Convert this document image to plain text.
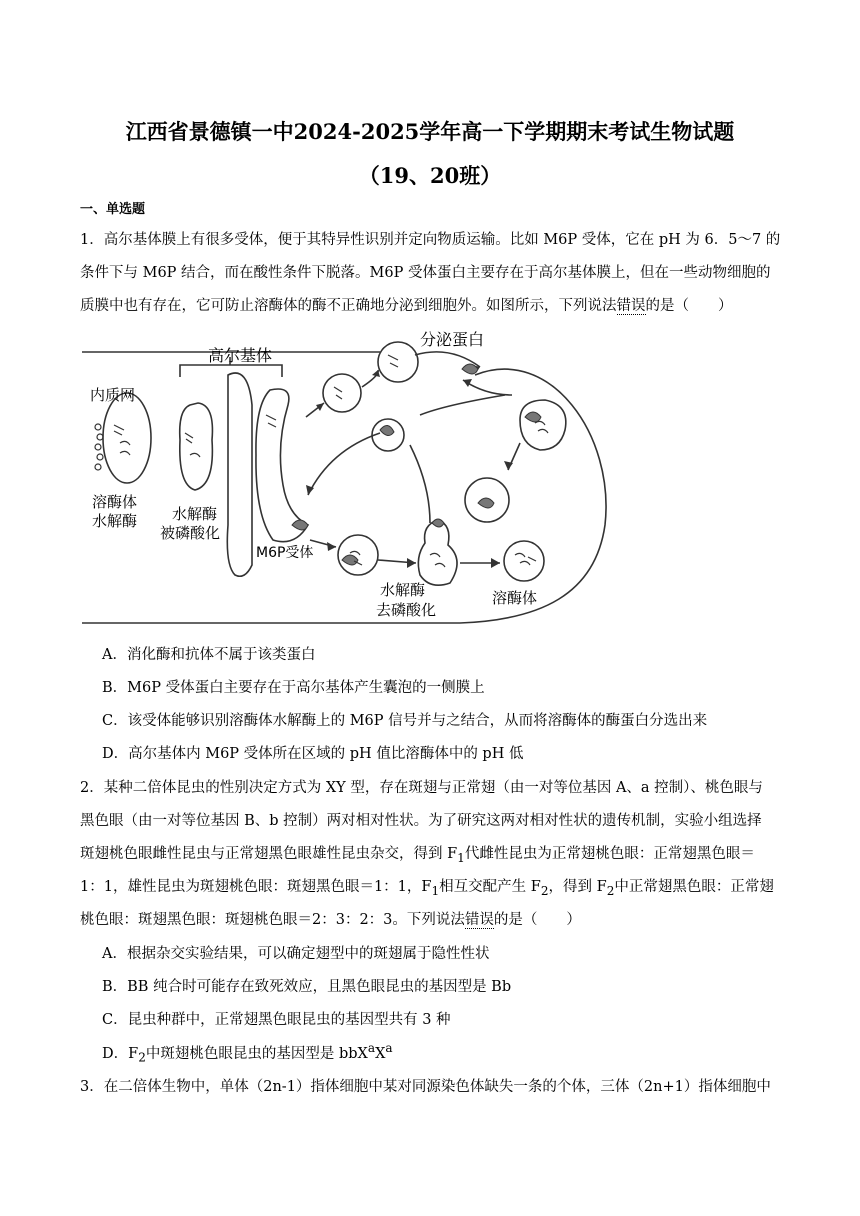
江西省景德镇一中2024-2025学年高一下学期期末考试生物试题
（19、20班）
一、单选题
1．高尔基体膜上有很多受体，便于其特异性识别并定向物质运输。比如 M6P 受体，它在 pH 为 6．5～7 的
条件下与 M6P 结合，而在酸性条件下脱落。M6P 受体蛋白主要存在于高尔基体膜上，但在一些动物细胞的
质膜中也有存在，它可防止溶酶体的酶不正确地分泌到细胞外。如图所示，下列说法错误的是（　　）
高尔基体
内质网
分泌蛋白
溶酶体
水解酶 水解酶
被磷酸化
M6P受体
水解酶
去磷酸化
溶酶体
A．消化酶和抗体不属于该类蛋白
B．M6P 受体蛋白主要存在于高尔基体产生囊泡的一侧膜上
C．该受体能够识别溶酶体水解酶上的 M6P 信号并与之结合，从而将溶酶体的酶蛋白分选出来
D．高尔基体内 M6P 受体所在区域的 pH 值比溶酶体中的 pH 低
2．某种二倍体昆虫的性别决定方式为 XY 型，存在斑翅与正常翅（由一对等位基因 A、a 控制）、桃色眼与
黑色眼（由一对等位基因 B、b 控制）两对相对性状。为了研究这两对相对性状的遗传机制，实验小组选择
斑翅桃色眼雌性昆虫与正常翅黑色眼雄性昆虫杂交，得到 $F_1$代雌性昆虫为正常翅桃色眼：正常翅黑色眼＝
1：1，雄性昆虫为斑翅桃色眼：斑翅黑色眼＝1：1，$F_1$相互交配产生 $F_2$，得到 $F_2$中正常翅黑色眼：正常翅
桃色眼：斑翅黑色眼：斑翅桃色眼＝2：3：2：3。下列说法错误的是（　　）
A．根据杂交实验结果，可以确定翅型中的斑翅属于隐性性状
B．BB 纯合时可能存在致死效应，且黑色眼昆虫的基因型是 Bb
C．昆虫种群中，正常翅黑色眼昆虫的基因型共有 3 种
D．$F_2$中斑翅桃色眼昆虫的基因型是 $bbX^aX^a$
3．在二倍体生物中，单体（2n-1）指体细胞中某对同源染色体缺失一条的个体，三体（2n+1）指体细胞中
